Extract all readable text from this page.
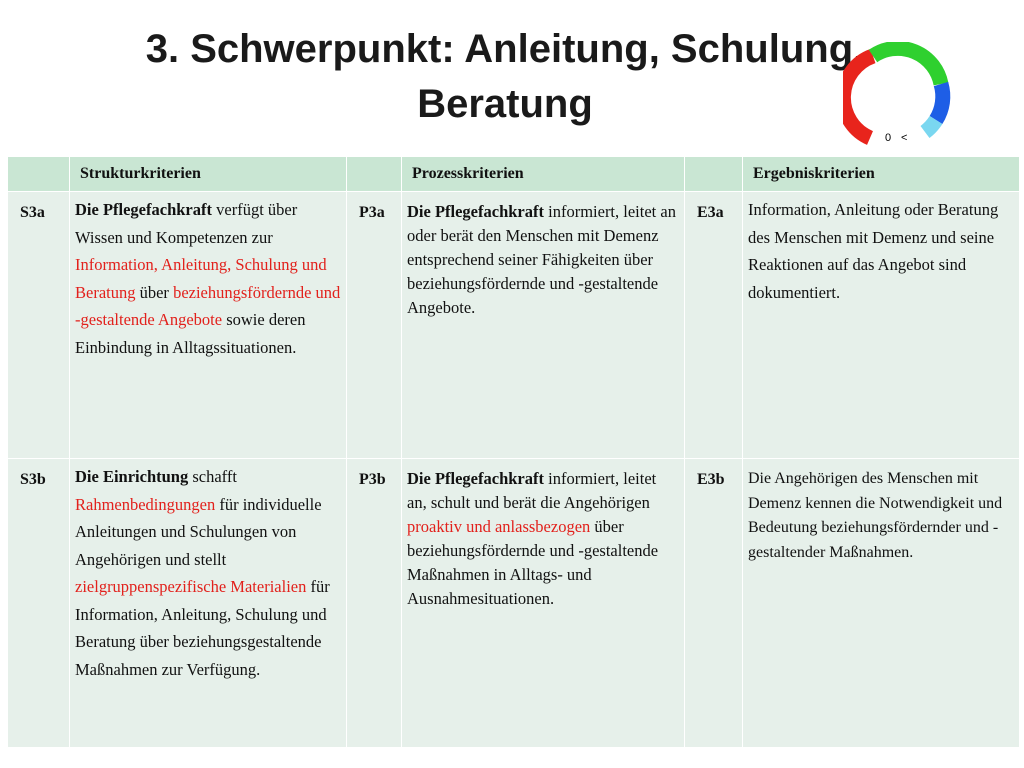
3. Schwerpunkt: Anleitung, Schulung,
Beratung
0 <
	Strukturkriterien		Prozesskriterien		Ergebniskriterien
S3a	Die Pflegefachkraft verfügt über Wissen und Kompetenzen zur Information, Anleitung, Schulung und Beratung über beziehungsfördernde und -gestaltende Angebote sowie deren Einbindung in Alltagssituationen.	P3a	Die Pflegefachkraft informiert, leitet an oder berät den Menschen mit Demenz entsprechend seiner Fähigkeiten über beziehungsfördernde und -gestaltende Angebote.	E3a	Information, Anleitung oder Beratung des Menschen mit Demenz und seine Reaktionen auf das Angebot sind dokumentiert.
S3b	Die Einrichtung schafft Rahmenbedingungen für individuelle Anleitungen und Schulungen von Angehörigen und stellt zielgruppenspezifische Materialien für Information, Anleitung, Schulung und Beratung über beziehungsgestaltende Maßnahmen zur Verfügung.	P3b	Die Pflegefachkraft informiert, leitet an, schult und berät die Angehörigen proaktiv und anlassbezogen über beziehungsfördernde und -gestaltende Maßnahmen in Alltags- und Ausnahmesituationen.	E3b	Die Angehörigen des Menschen mit Demenz kennen die Notwendigkeit und Bedeutung beziehungsfördernder und -gestaltender Maßnahmen.
